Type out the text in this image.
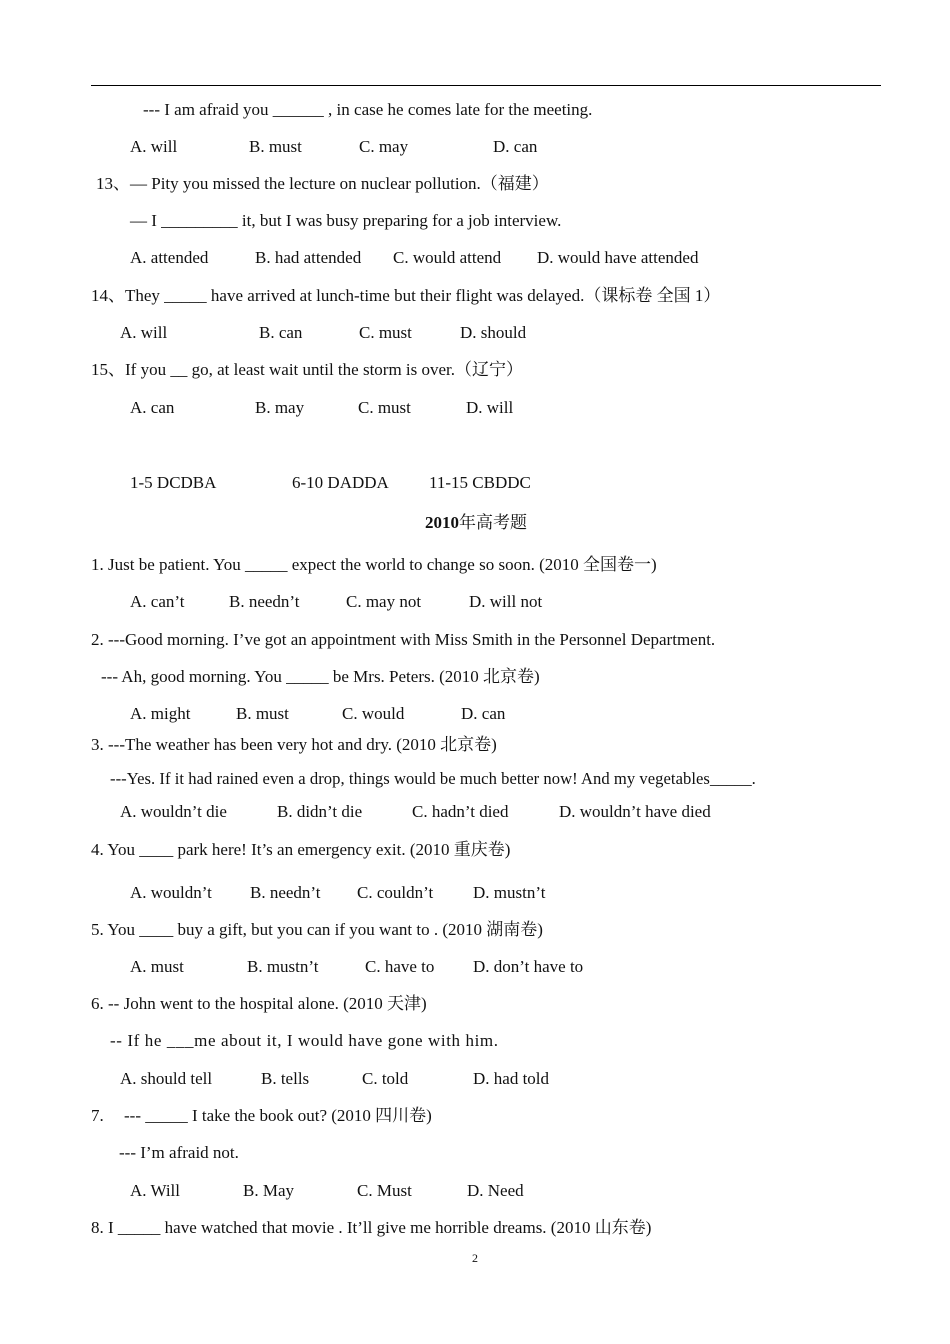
--- I am afraid you ______ , in case he comes late for the meeting.
A. will	B. must	C. may	D. can
13、— Pity you missed the lecture on nuclear pollution.（福建）
— I _________ it, but I was busy preparing for a job interview.
A. attended	B. had attended C. would attend D. would have attended
14、They _____ have arrived at lunch-time but their flight was delayed.（课标卷 全国 1）
A. will	B. can	C. must	D. should
15、If you __ go, at least wait until the storm is over.（辽宁）
A. can	B. may	C. must	D. will
1-5 DCDBA	6-10 DADDA 11-15 CBDDC
2010年高考题
1. Just be patient. You _____ expect the world to change so soon. (2010 全国卷一)
A. can’t	B. needn’t	C. may not	D. will not
2. ---Good morning. I’ve got an appointment with Miss Smith in the Personnel Department.
--- Ah, good morning. You _____ be Mrs. Peters. (2010 北京卷)
A. might	B. must	C. would	D. can
3. ---The weather has been very hot and dry. (2010 北京卷)
---Yes. If it had rained even a drop, things would be much better now! And my vegetables_____.
A. wouldn’t die	B. didn’t die	C. hadn’t died	D. wouldn’t have died
4. You ____ park here! It’s an emergency exit. (2010 重庆卷)
A. wouldn’t B. needn’t C. couldn’t D. mustn’t
5. You ____ buy a gift, but you can if you want to . (2010 湖南卷)
A. must	B. mustn’t	C. have to D. don’t have to
6. -- John went to the hospital alone. (2010 天津)
-- If he ___me about it, I would have gone with him.
A. should tell	B. tells	C. told	D. had told
7. --- _____ I take the book out? (2010 四川卷)
--- I’m afraid not.
A. Will	B. May	C. Must	D. Need
8. I _____ have watched that movie . It’ll give me horrible dreams. (2010 山东卷)
2
